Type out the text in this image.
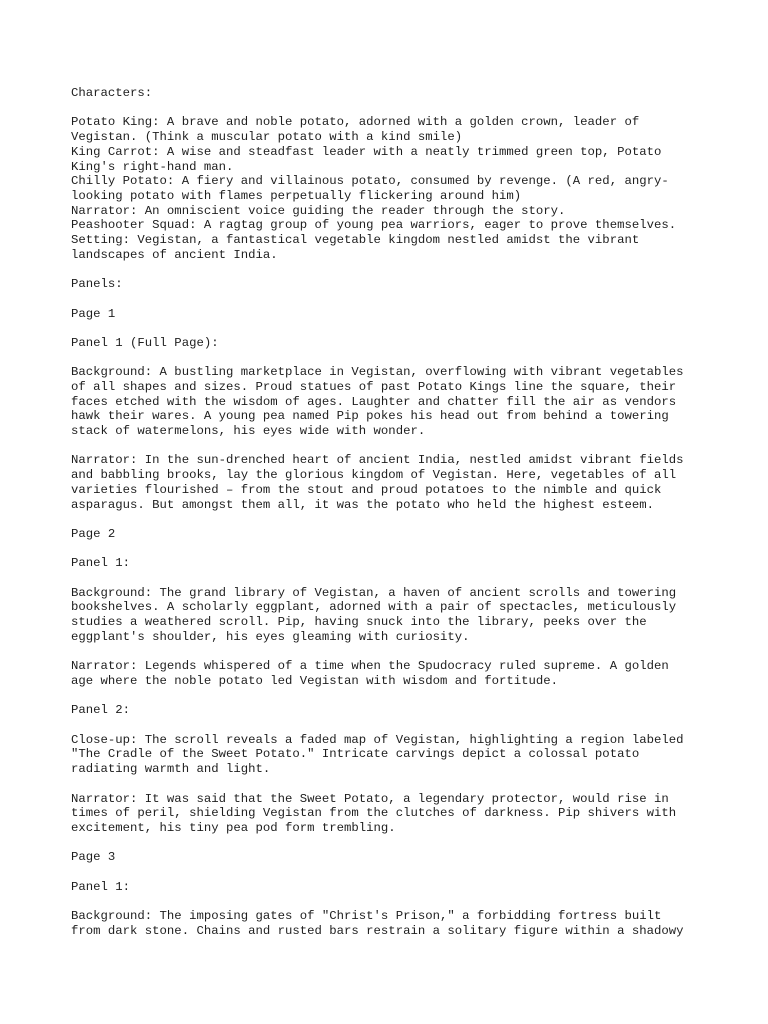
Characters:
Potato King: A brave and noble potato, adorned with a golden crown, leader of
Vegistan. (Think a muscular potato with a kind smile)
King Carrot: A wise and steadfast leader with a neatly trimmed green top, Potato
King's right-hand man.
Chilly Potato: A fiery and villainous potato, consumed by revenge. (A red, angry-
looking potato with flames perpetually flickering around him)
Narrator: An omniscient voice guiding the reader through the story.
Peashooter Squad: A ragtag group of young pea warriors, eager to prove themselves.
Setting: Vegistan, a fantastical vegetable kingdom nestled amidst the vibrant
landscapes of ancient India.
Panels:
Page 1
Panel 1 (Full Page):
Background: A bustling marketplace in Vegistan, overflowing with vibrant vegetables
of all shapes and sizes. Proud statues of past Potato Kings line the square, their
faces etched with the wisdom of ages. Laughter and chatter fill the air as vendors
hawk their wares. A young pea named Pip pokes his head out from behind a towering
stack of watermelons, his eyes wide with wonder.
Narrator: In the sun-drenched heart of ancient India, nestled amidst vibrant fields
and babbling brooks, lay the glorious kingdom of Vegistan. Here, vegetables of all
varieties flourished – from the stout and proud potatoes to the nimble and quick
asparagus. But amongst them all, it was the potato who held the highest esteem.
Page 2
Panel 1:
Background: The grand library of Vegistan, a haven of ancient scrolls and towering
bookshelves. A scholarly eggplant, adorned with a pair of spectacles, meticulously
studies a weathered scroll. Pip, having snuck into the library, peeks over the
eggplant's shoulder, his eyes gleaming with curiosity.
Narrator: Legends whispered of a time when the Spudocracy ruled supreme. A golden
age where the noble potato led Vegistan with wisdom and fortitude.
Panel 2:
Close-up: The scroll reveals a faded map of Vegistan, highlighting a region labeled
"The Cradle of the Sweet Potato." Intricate carvings depict a colossal potato
radiating warmth and light.
Narrator: It was said that the Sweet Potato, a legendary protector, would rise in
times of peril, shielding Vegistan from the clutches of darkness. Pip shivers with
excitement, his tiny pea pod form trembling.
Page 3
Panel 1:
Background: The imposing gates of "Christ's Prison," a forbidding fortress built
from dark stone. Chains and rusted bars restrain a solitary figure within a shadowy
